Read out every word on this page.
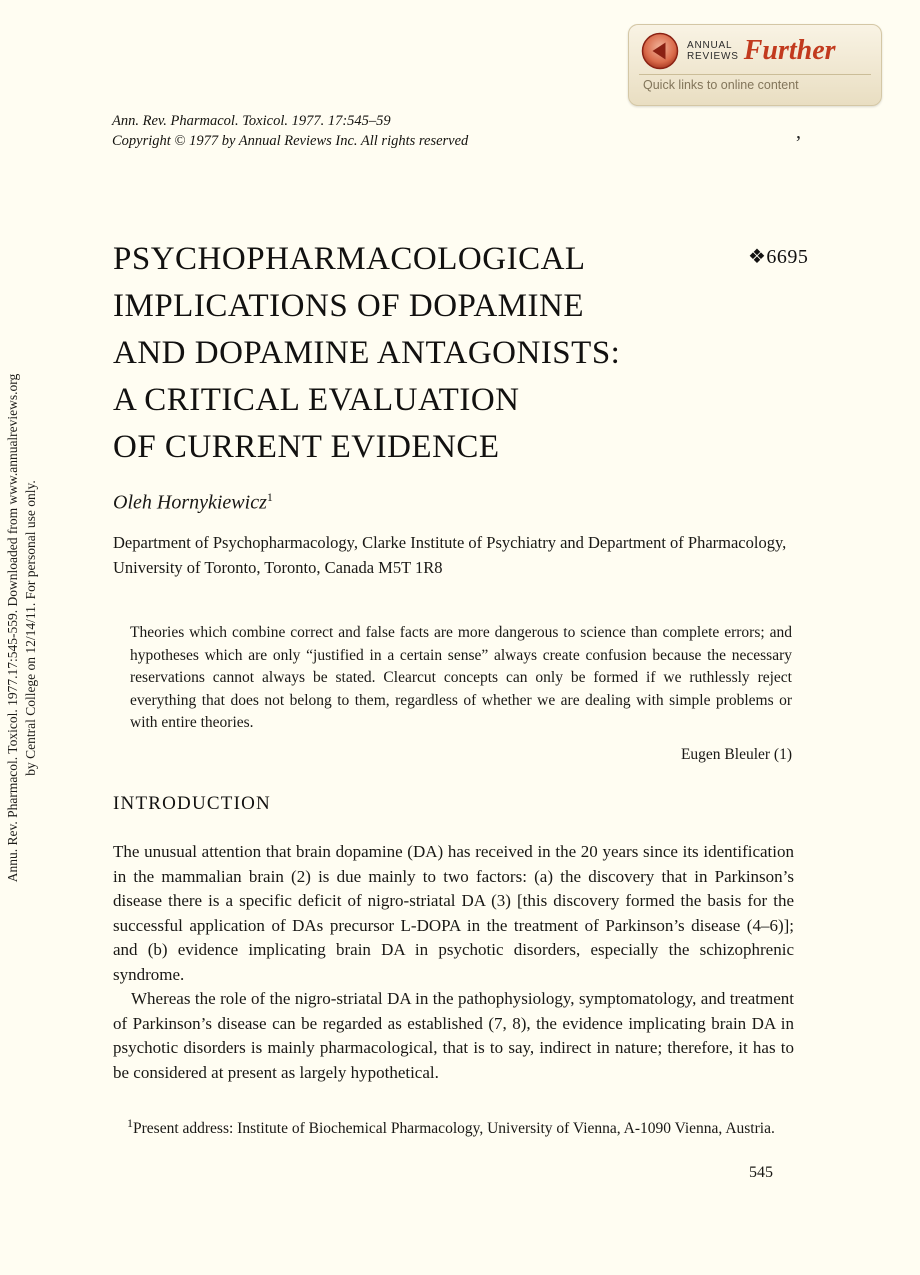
Annu. Rev. Pharmacol. Toxicol. 1977.17:545-559. Downloaded from www.annualreviews.org by Central College on 12/14/11. For personal use only.
ANNUAL
REVIEWS Further
Quick links to online content
Ann. Rev. Pharmacol. Toxicol. 1977. 17:545–59
Copyright © 1977 by Annual Reviews Inc. All rights reserved	’
PSYCHOPHARMACOLOGICAL
IMPLICATIONS OF DOPAMINE
AND DOPAMINE ANTAGONISTS:
A CRITICAL EVALUATION
OF CURRENT EVIDENCE
❖6695
Oleh Hornykiewicz$^1$

Department of Psychopharmacology, Clarke Institute of Psychiatry and Department of Pharmacology, University of Toronto, Toronto, Canada M5T 1R8

Theories which combine correct and false facts are more dangerous to science than complete errors; and hypotheses which are only “justified in a certain sense” always create confusion because the necessary reservations cannot always be stated. Clearcut concepts can only be formed if we ruthlessly reject everything that does not belong to them, regardless of whether we are dealing with simple problems or with entire theories.
Eugen Bleuler (1)
INTRODUCTION

The unusual attention that brain dopamine (DA) has received in the 20 years since its identification in the mammalian brain (2) is due mainly to two factors: (a) the discovery that in Parkinson’s disease there is a specific deficit of nigro-striatal DA (3) [this discovery formed the basis for the successful application of DAs precursor L-DOPA in the treatment of Parkinson’s disease (4–6)]; and (b) evidence implicating brain DA in psychotic disorders, especially the schizophrenic syndrome.

Whereas the role of the nigro-striatal DA in the pathophysiology, symptomatology, and treatment of Parkinson’s disease can be regarded as established (7, 8), the evidence implicating brain DA in psychotic disorders is mainly pharmacological, that is to say, indirect in nature; therefore, it has to be considered at present as largely hypothetical.

$^1$Present address: Institute of Biochemical Pharmacology, University of Vienna, A-1090 Vienna, Austria.

545
